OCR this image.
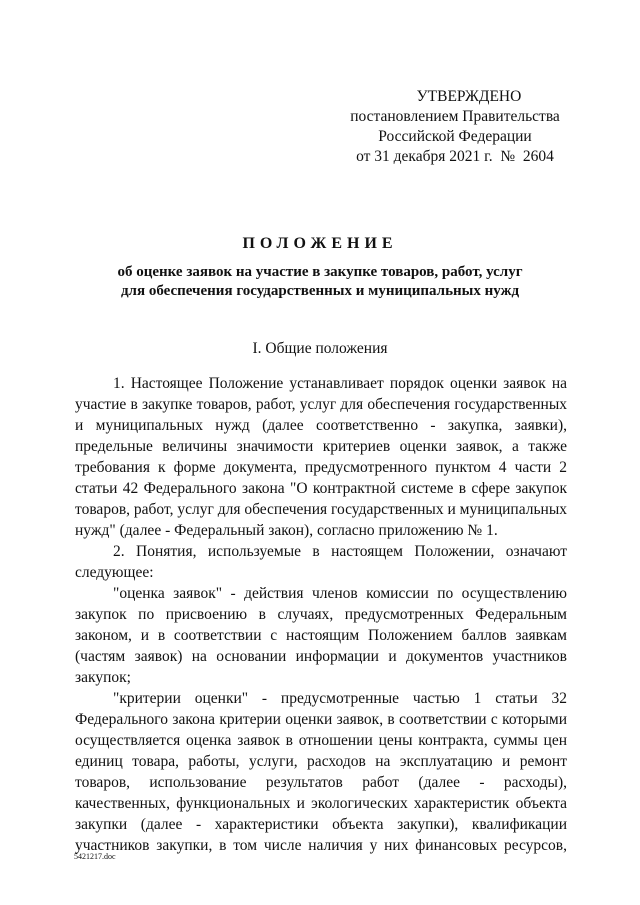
УТВЕРЖДЕНО
постановлением Правительства
Российской Федерации
от 31 декабря 2021 г.  №  2604
ПОЛОЖЕНИЕ
об оценке заявок на участие в закупке товаров, работ, услуг
для обеспечения государственных и муниципальных нужд
I. Общие положения
1. Настоящее Положение устанавливает порядок оценки заявок на
участие в закупке товаров, работ, услуг для обеспечения государственных
и муниципальных нужд (далее соответственно - закупка, заявки),
предельные величины значимости критериев оценки заявок, а также
требования к форме документа, предусмотренного пунктом 4 части 2
статьи 42 Федерального закона "О контрактной системе в сфере закупок
товаров, работ, услуг для обеспечения государственных и муниципальных
нужд" (далее - Федеральный закон), согласно приложению № 1.
2. Понятия, используемые в настоящем Положении, означают
следующее:
"оценка заявок" - действия членов комиссии по осуществлению
закупок по присвоению в случаях, предусмотренных Федеральным
законом, и в соответствии с настоящим Положением баллов заявкам
(частям заявок) на основании информации и документов участников
закупок;
"критерии оценки" - предусмотренные частью 1 статьи 32
Федерального закона критерии оценки заявок, в соответствии с которыми
осуществляется оценка заявок в отношении цены контракта, суммы цен
единиц товара, работы, услуги, расходов на эксплуатацию и ремонт
товаров, использование результатов работ (далее - расходы),
качественных, функциональных и экологических характеристик объекта
закупки (далее - характеристики объекта закупки), квалификации
участников закупки, в том числе наличия у них финансовых ресурсов,
5421217.doc
